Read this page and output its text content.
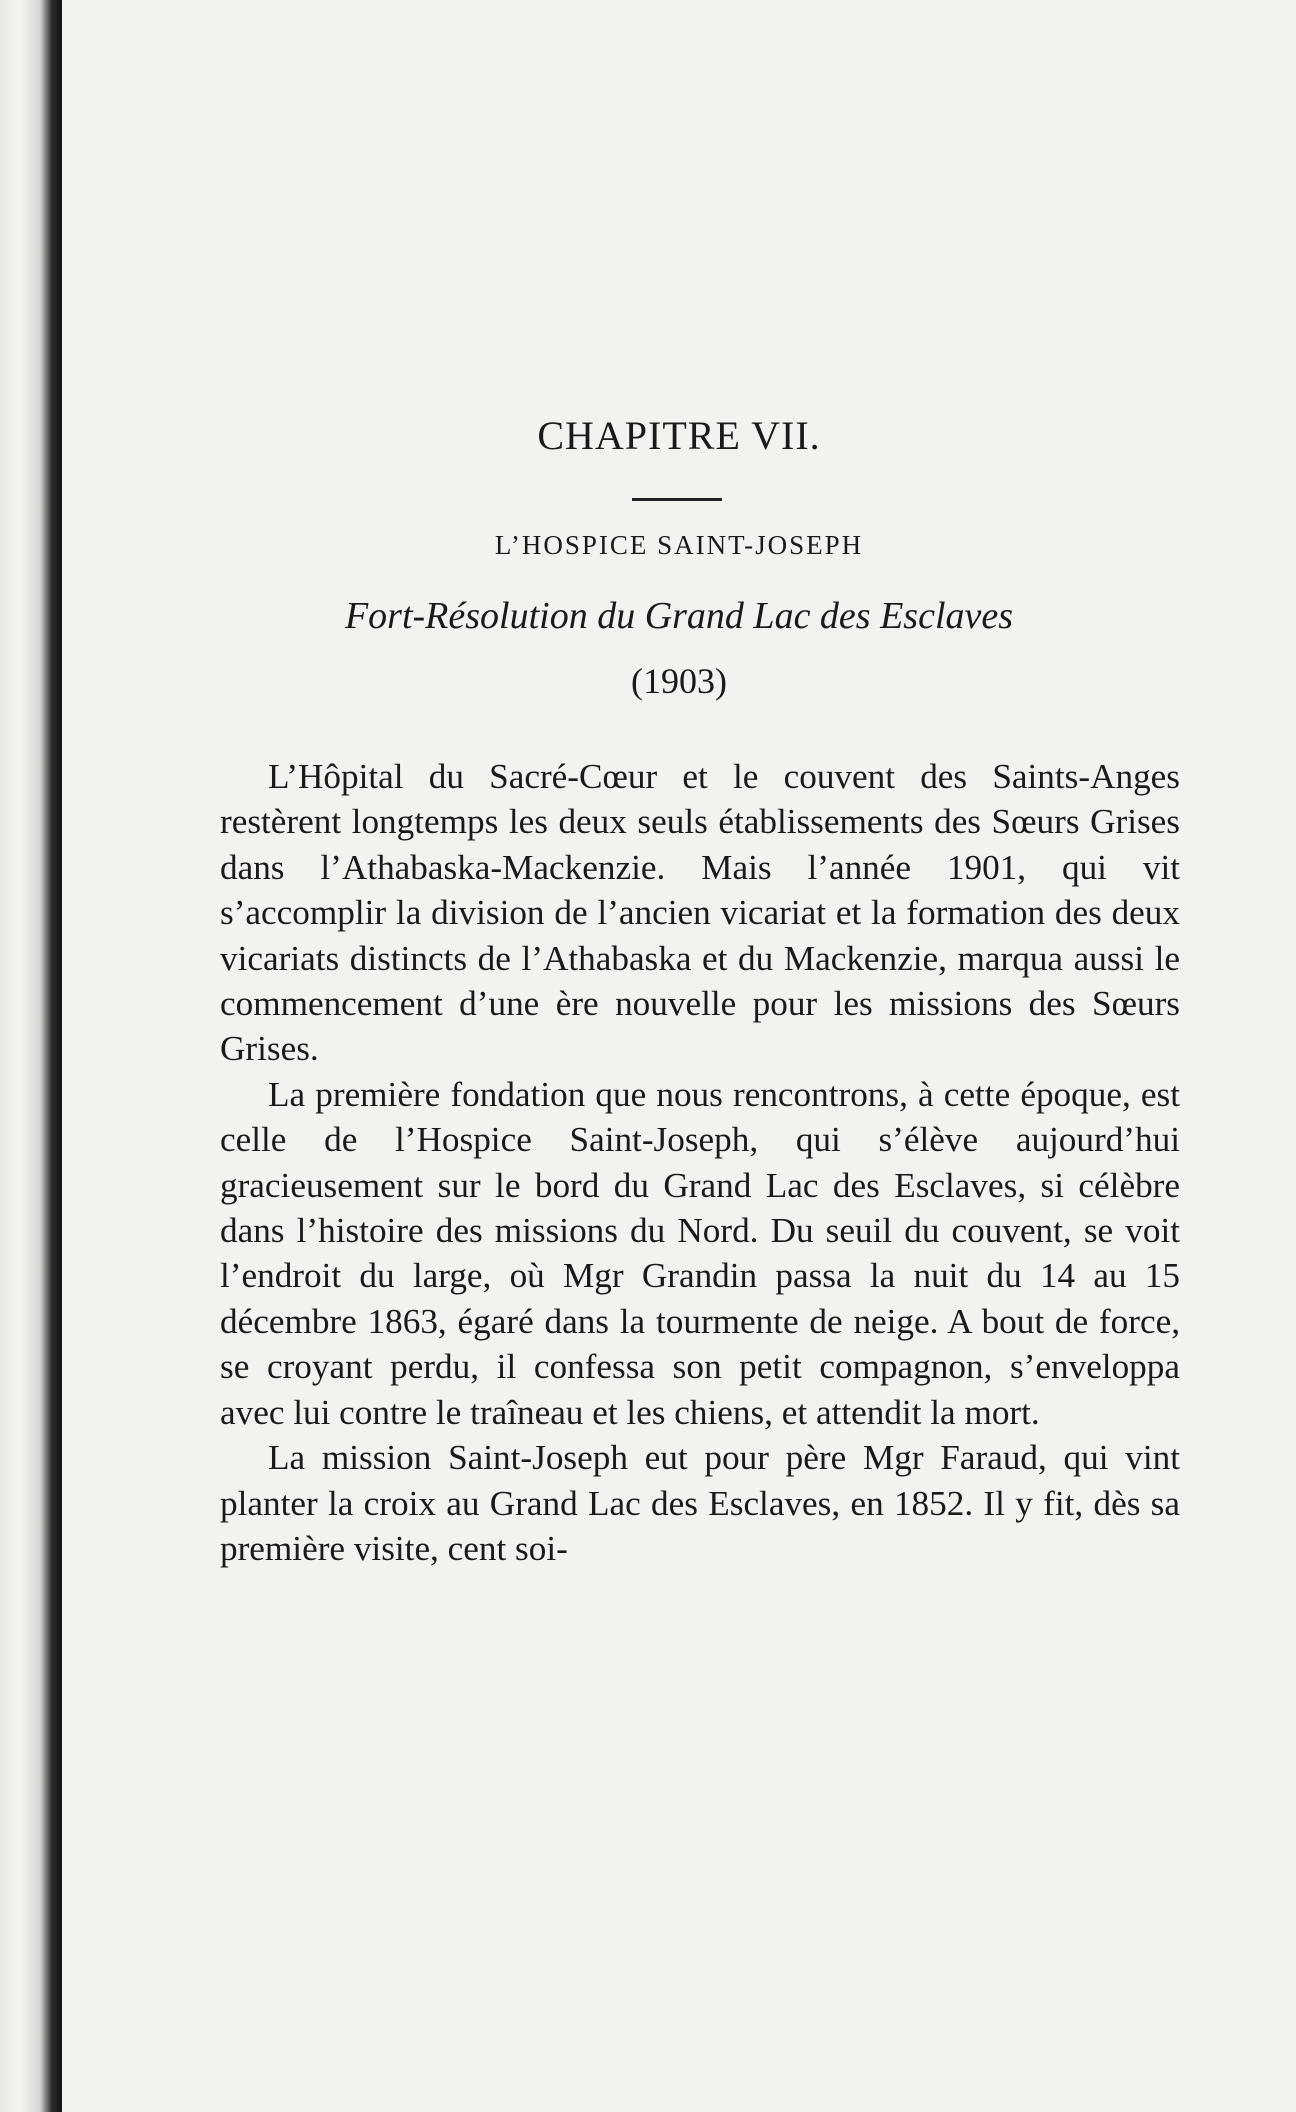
CHAPITRE VII.
L’HOSPICE SAINT-JOSEPH
Fort-Résolution du Grand Lac des Esclaves
(1903)

L’Hôpital du Sacré-Cœur et le couvent des Saints-Anges restèrent longtemps les deux seuls établissements des Sœurs Grises dans l’Athabaska-Mackenzie. Mais l’année 1901, qui vit s’accomplir la division de l’ancien vicariat et la formation des deux vicariats distincts de l’Athabaska et du Mackenzie, marqua aussi le commencement d’une ère nouvelle pour les missions des Sœurs Grises.

La première fondation que nous rencontrons, à cette époque, est celle de l’Hospice Saint-Joseph, qui s’élève aujourd’hui gracieusement sur le bord du Grand Lac des Esclaves, si célèbre dans l’histoire des missions du Nord. Du seuil du couvent, se voit l’endroit du large, où Mgr Grandin passa la nuit du 14 au 15 décembre 1863, égaré dans la tourmente de neige. A bout de force, se croyant perdu, il confessa son petit compagnon, s’enveloppa avec lui contre le traîneau et les chiens, et attendit la mort.

La mission Saint-Joseph eut pour père Mgr Faraud, qui vint planter la croix au Grand Lac des Esclaves, en 1852. Il y fit, dès sa première visite, cent soi-
